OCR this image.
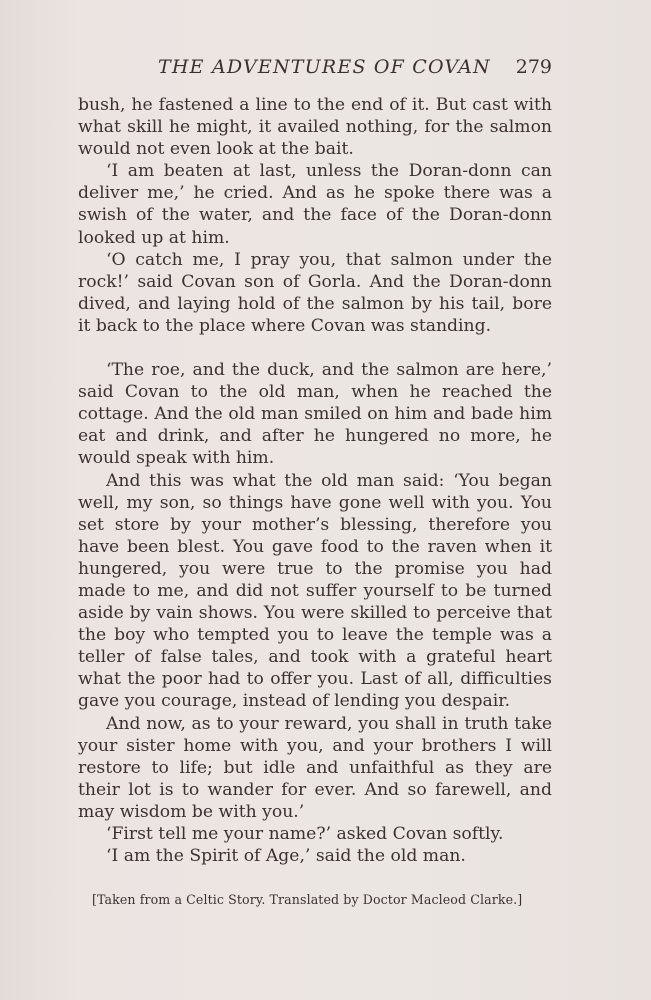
THE ADVENTURES OF COVAN 279

bush, he fastened a line to the end of it. But cast with what skill he might, it availed nothing, for the salmon would not even look at the bait.

‘I am beaten at last, unless the Doran-donn can deliver me,’ he cried. And as he spoke there was a swish of the water, and the face of the Doran-donn looked up at him.

‘O catch me, I pray you, that salmon under the rock!’ said Covan son of Gorla. And the Doran-donn dived, and laying hold of the salmon by his tail, bore it back to the place where Covan was standing.

‘The roe, and the duck, and the salmon are here,’ said Covan to the old man, when he reached the cottage. And the old man smiled on him and bade him eat and drink, and after he hungered no more, he would speak with him.

And this was what the old man said: ‘You began well, my son, so things have gone well with you. You set store by your mother’s blessing, therefore you have been blest. You gave food to the raven when it hungered, you were true to the promise you had made to me, and did not suffer yourself to be turned aside by vain shows. You were skilled to perceive that the boy who tempted you to leave the temple was a teller of false tales, and took with a grateful heart what the poor had to offer you. Last of all, difficulties gave you courage, instead of lending you despair.

And now, as to your reward, you shall in truth take your sister home with you, and your brothers I will restore to life; but idle and unfaithful as they are their lot is to wander for ever. And so farewell, and may wisdom be with you.’

‘First tell me your name?’ asked Covan softly.

‘I am the Spirit of Age,’ said the old man.

[Taken from a Celtic Story. Translated by Doctor Macleod Clarke.]
